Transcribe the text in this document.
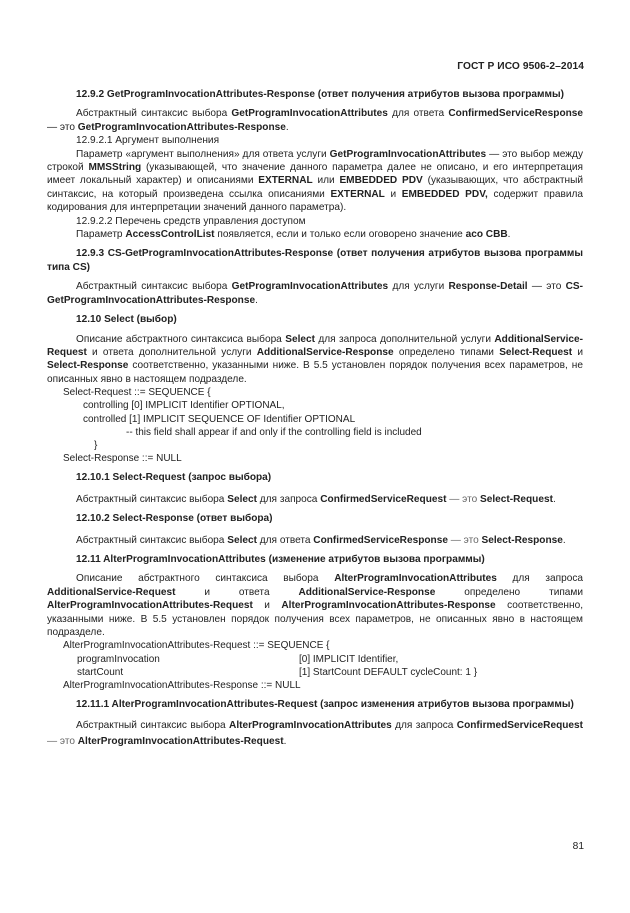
ГОСТ Р ИСО 9506-2–2014

12.9.2 GetProgramInvocationAttributes-Response (ответ получения атрибутов вызова программы)

Абстрактный синтаксис выбора GetProgramInvocationAttributes для ответа ConfirmedServiceResponse — это GetProgramInvocationAttributes-Response.

12.9.2.1 Аргумент выполнения

Параметр «аргумент выполнения» для ответа услуги GetProgramInvocationAttributes — это выбор между строкой MMSString (указывающей, что значение данного параметра далее не описано, и его интерпретация имеет локальный характер) и описаниями EXTERNAL или EMBEDDED PDV (указывающих, что абстрактный синтаксис, на который произведена ссылка описаниями EXTERNAL и EMBEDDED PDV, содержит правила кодирования для интерпретации значений данного параметра).

12.9.2.2 Перечень средств управления доступом

Параметр AccessControlList появляется, если и только если оговорено значение aco CBB.

12.9.3 CS-GetProgramInvocationAttributes-Response (ответ получения атрибутов вызова программы типа CS)

Абстрактный синтаксис выбора GetProgramInvocationAttributes для услуги Response-Detail — это CS-GetProgramInvocationAttributes-Response.

12.10 Select (выбор)

Описание абстрактного синтаксиса выбора Select для запроса дополнительной услуги AdditionalService-Request и ответа дополнительной услуги AdditionalService-Response определено типами Select-Request и Select-Response соответственно, указанными ниже. В 5.5 установлен порядок получения всех параметров, не описанных явно в настоящем подразделе.

Select-Request ::= SEQUENCE {
controlling [0] IMPLICIT Identifier OPTIONAL,
controlled [1] IMPLICIT SEQUENCE OF Identifier OPTIONAL
-- this field shall appear if and only if the controlling field is included
}
Select-Response ::= NULL

12.10.1 Select-Request (запрос выбора)

Абстрактный синтаксис выбора Select для запроса ConfirmedServiceRequest — это Select-Request.

12.10.2 Select-Response (ответ выбора)

Абстрактный синтаксис выбора Select для ответа ConfirmedServiceResponse — это Select-Response.

12.11 AlterProgramInvocationAttributes (изменение атрибутов вызова программы)

Описание абстрактного синтаксиса выбора AlterProgramInvocationAttributes для запроса AdditionalService-Request и ответа AdditionalService-Response определено типами AlterProgramInvocationAttributes-Request и AlterProgramInvocationAttributes-Response соответственно, указанными ниже. В 5.5 установлен порядок получения всех параметров, не описанных явно в настоящем подразделе.

AlterProgramInvocationAttributes-Request ::= SEQUENCE {
programInvocation	[0] IMPLICIT Identifier,
startCount	[1] StartCount DEFAULT cycleCount: 1 }
AlterProgramInvocationAttributes-Response ::= NULL

12.11.1 AlterProgramInvocationAttributes-Request (запрос изменения атрибутов вызова программы)

Абстрактный синтаксис выбора AlterProgramInvocationAttributes для запроса ConfirmedServiceRequest — это AlterProgramInvocationAttributes-Request.

81
